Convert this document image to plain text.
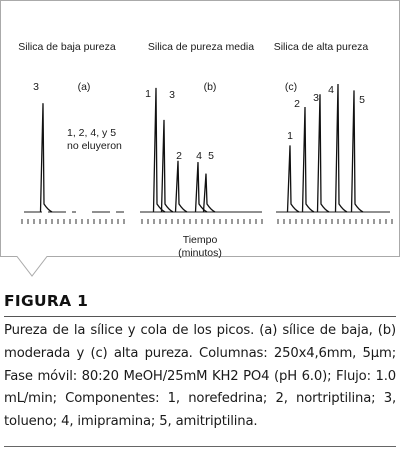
Silica de baja pureza	Silica de pureza media Silica de alta pureza
(a)	(b)	(c)
1, 2, 4, y 5
no eluyeron
3
1 3
2 4 5
1
2 3
4
5
Tiempo
(minutos)
FIGURA 1

Pureza de la sílice y cola de los picos. (a) sílice de baja, (b) moderada y (c) alta pureza. Columnas: 250x4,6mm, 5µm; Fase móvil: 80:20 MeOH/25mM KH2 PO4 (pH 6.0); Flujo: 1.0 mL/min; Componentes: 1, norefedrina; 2, nortriptilina; 3, tolueno; 4, imipramina; 5, amitriptilina.
